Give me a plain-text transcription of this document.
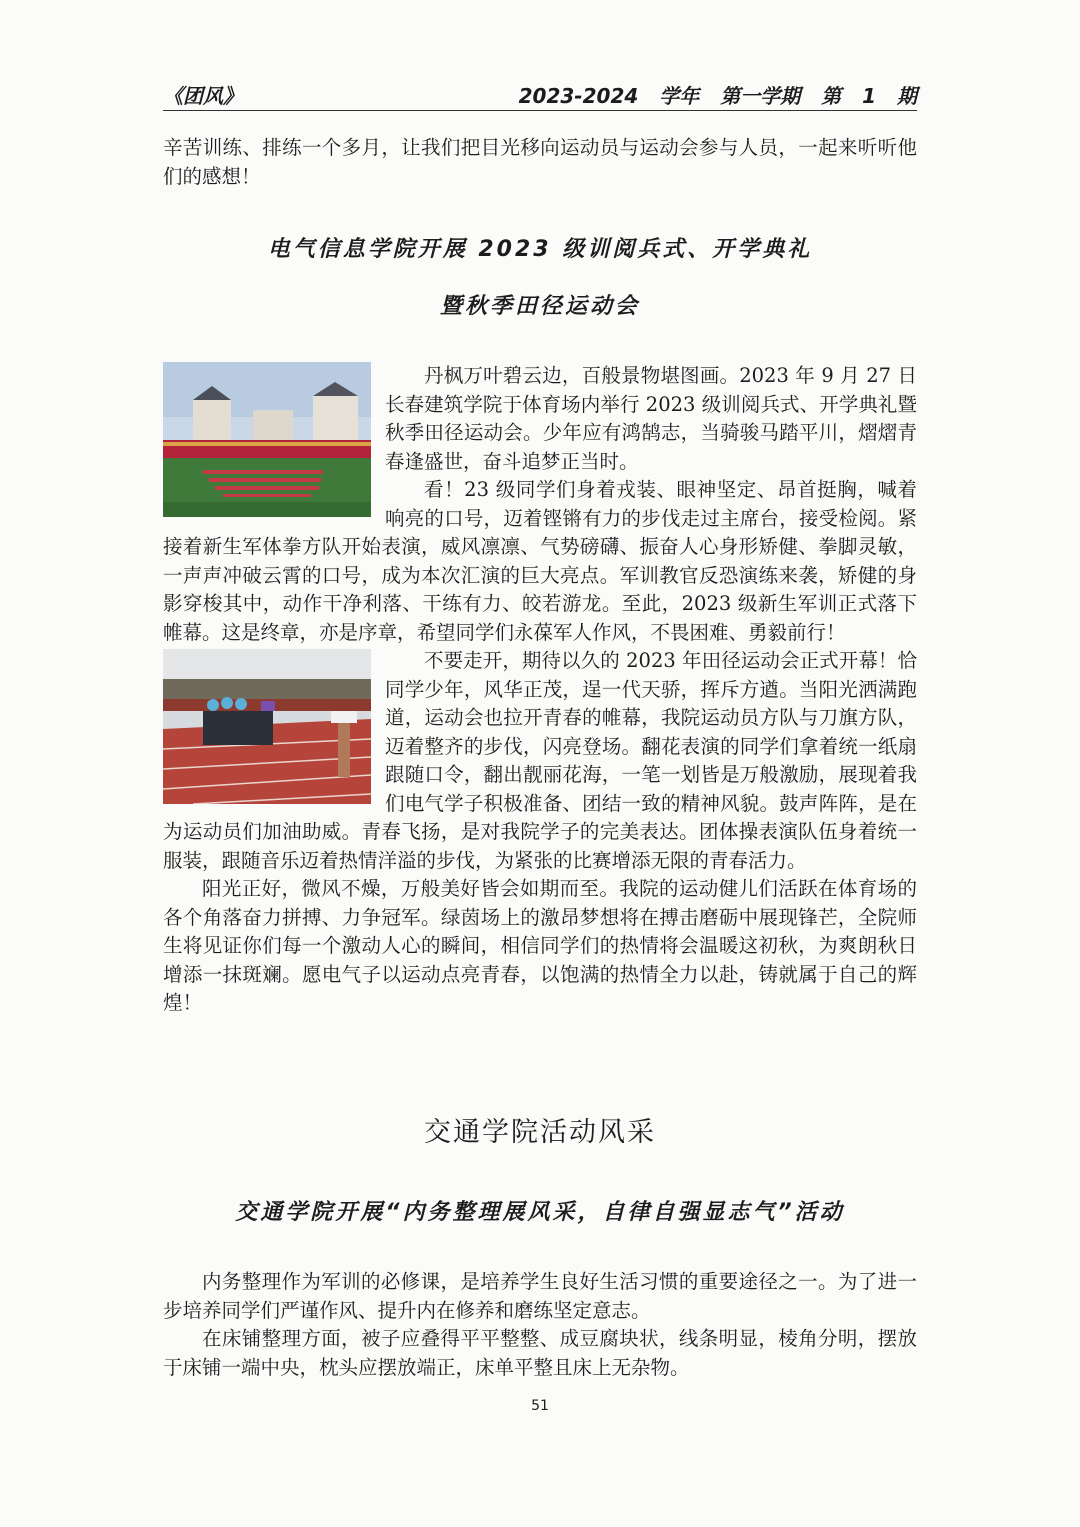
《团风》	2023-2024 学年 第一学期 第 1 期

辛苦训练、排练一个多月，让我们把目光移向运动员与运动会参与人员，一起来听听他们的感想！

电气信息学院开展 2023 级训阅兵式、开学典礼
暨秋季田径运动会

丹枫万叶碧云边，百般景物堪图画。2023 年 9 月 27 日长春建筑学院于体育场内举行 2023 级训阅兵式、开学典礼暨秋季田径运动会。少年应有鸿鹄志，当骑骏马踏平川，熠熠青春逢盛世，奋斗追梦正当时。

看！23 级同学们身着戎装、眼神坚定、昂首挺胸，喊着响亮的口号，迈着铿锵有力的步伐走过主席台，接受检阅。紧接着新生军体拳方队开始表演，威风凛凛、气势磅礴、振奋人心身形矫健、拳脚灵敏，一声声冲破云霄的口号，成为本次汇演的巨大亮点。军训教官反恐演练来袭，矫健的身影穿梭其中，动作干净利落、干练有力、皎若游龙。至此，2023 级新生军训正式落下帷幕。这是终章，亦是序章，希望同学们永葆军人作风，不畏困难、勇毅前行！

不要走开，期待以久的 2023 年田径运动会正式开幕！恰同学少年，风华正茂，逞一代天骄，挥斥方遒。当阳光洒满跑道，运动会也拉开青春的帷幕，我院运动员方队与刀旗方队，迈着整齐的步伐，闪亮登场。翻花表演的同学们拿着统一纸扇跟随口令，翻出靓丽花海，一笔一划皆是万般激励，展现着我们电气学子积极准备、团结一致的精神风貌。鼓声阵阵，是在为运动员们加油助威。青春飞扬，是对我院学子的完美表达。团体操表演队伍身着统一服装，跟随音乐迈着热情洋溢的步伐，为紧张的比赛增添无限的青春活力。

阳光正好，微风不燥，万般美好皆会如期而至。我院的运动健儿们活跃在体育场的各个角落奋力拼搏、力争冠军。绿茵场上的激昂梦想将在搏击磨砺中展现锋芒，全院师生将见证你们每一个激动人心的瞬间，相信同学们的热情将会温暖这初秋，为爽朗秋日增添一抹斑斓。愿电气子以运动点亮青春，以饱满的热情全力以赴，铸就属于自己的辉煌！

交通学院活动风采
交通学院开展“内务整理展风采，自律自强显志气”活动

内务整理作为军训的必修课，是培养学生良好生活习惯的重要途径之一。为了进一步培养同学们严谨作风、提升内在修养和磨练坚定意志。

在床铺整理方面，被子应叠得平平整整、成豆腐块状，线条明显，棱角分明，摆放于床铺一端中央，枕头应摆放端正，床单平整且床上无杂物。

51
